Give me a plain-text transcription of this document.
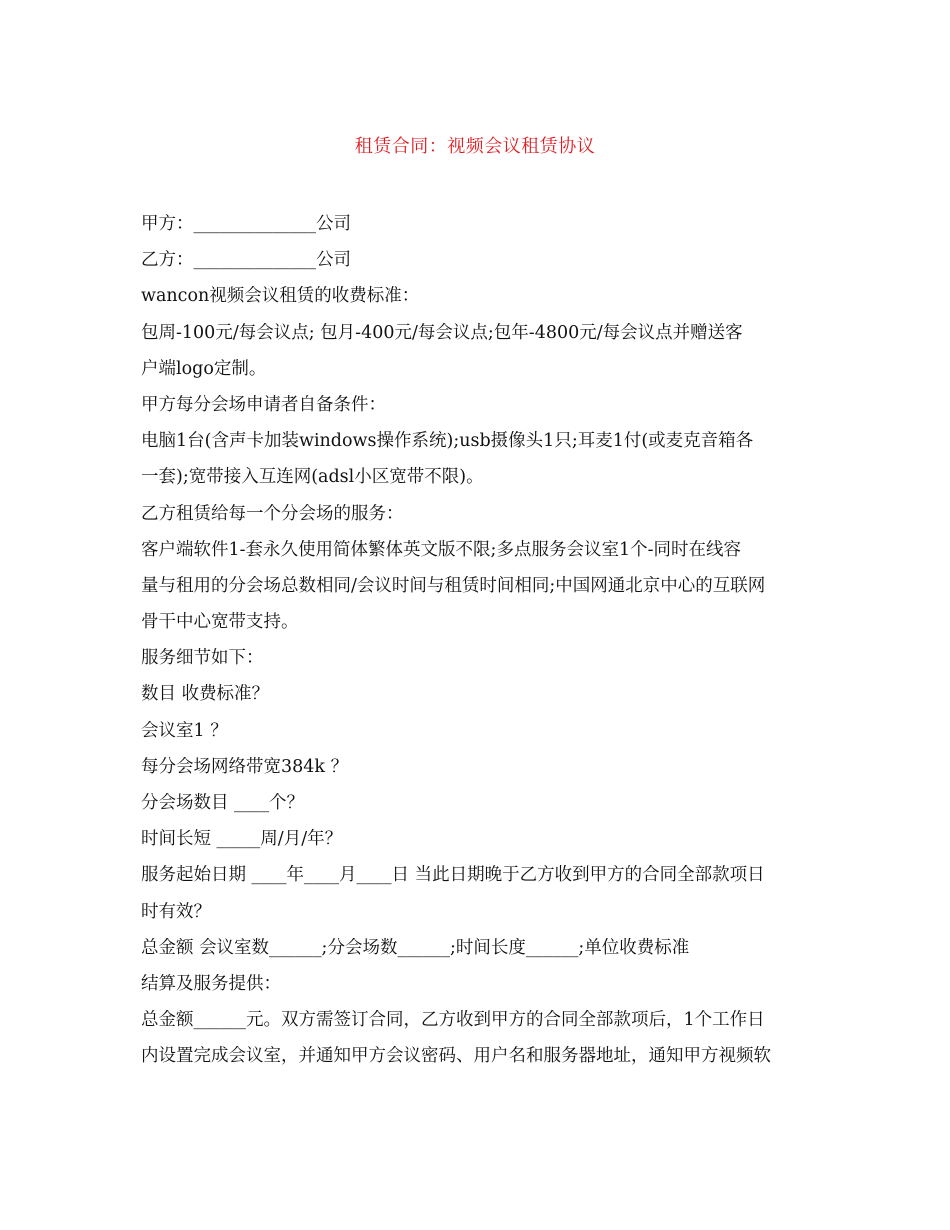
租赁合同：视频会议租赁协议
甲方：______________公司
乙方：______________公司
wancon视频会议租赁的收费标准：
包周-100元/每会议点; 包月-400元/每会议点;包年-4800元/每会议点并赠送客
户端logo定制。
甲方每分会场申请者自备条件：
电脑1台(含声卡加装windows操作系统);usb摄像头1只;耳麦1付(或麦克音箱各
一套);宽带接入互连网(adsl小区宽带不限)。
乙方租赁给每一个分会场的服务：
客户端软件1-套永久使用简体繁体英文版不限;多点服务会议室1个-同时在线容
量与租用的分会场总数相同/会议时间与租赁时间相同;中国网通北京中心的互联网
骨干中心宽带支持。
服务细节如下：
数目 收费标准？
会议室1 ？
每分会场网络带宽384k ？
分会场数目 ____个？
时间长短 _____周/月/年？
服务起始日期 ____年____月____日 当此日期晚于乙方收到甲方的合同全部款项日
时有效？
总金额 会议室数______;分会场数______;时间长度______;单位收费标准
结算及服务提供：
总金额______元。双方需签订合同，乙方收到甲方的合同全部款项后，1个工作日
内设置完成会议室，并通知甲方会议密码、用户名和服务器地址，通知甲方视频软
